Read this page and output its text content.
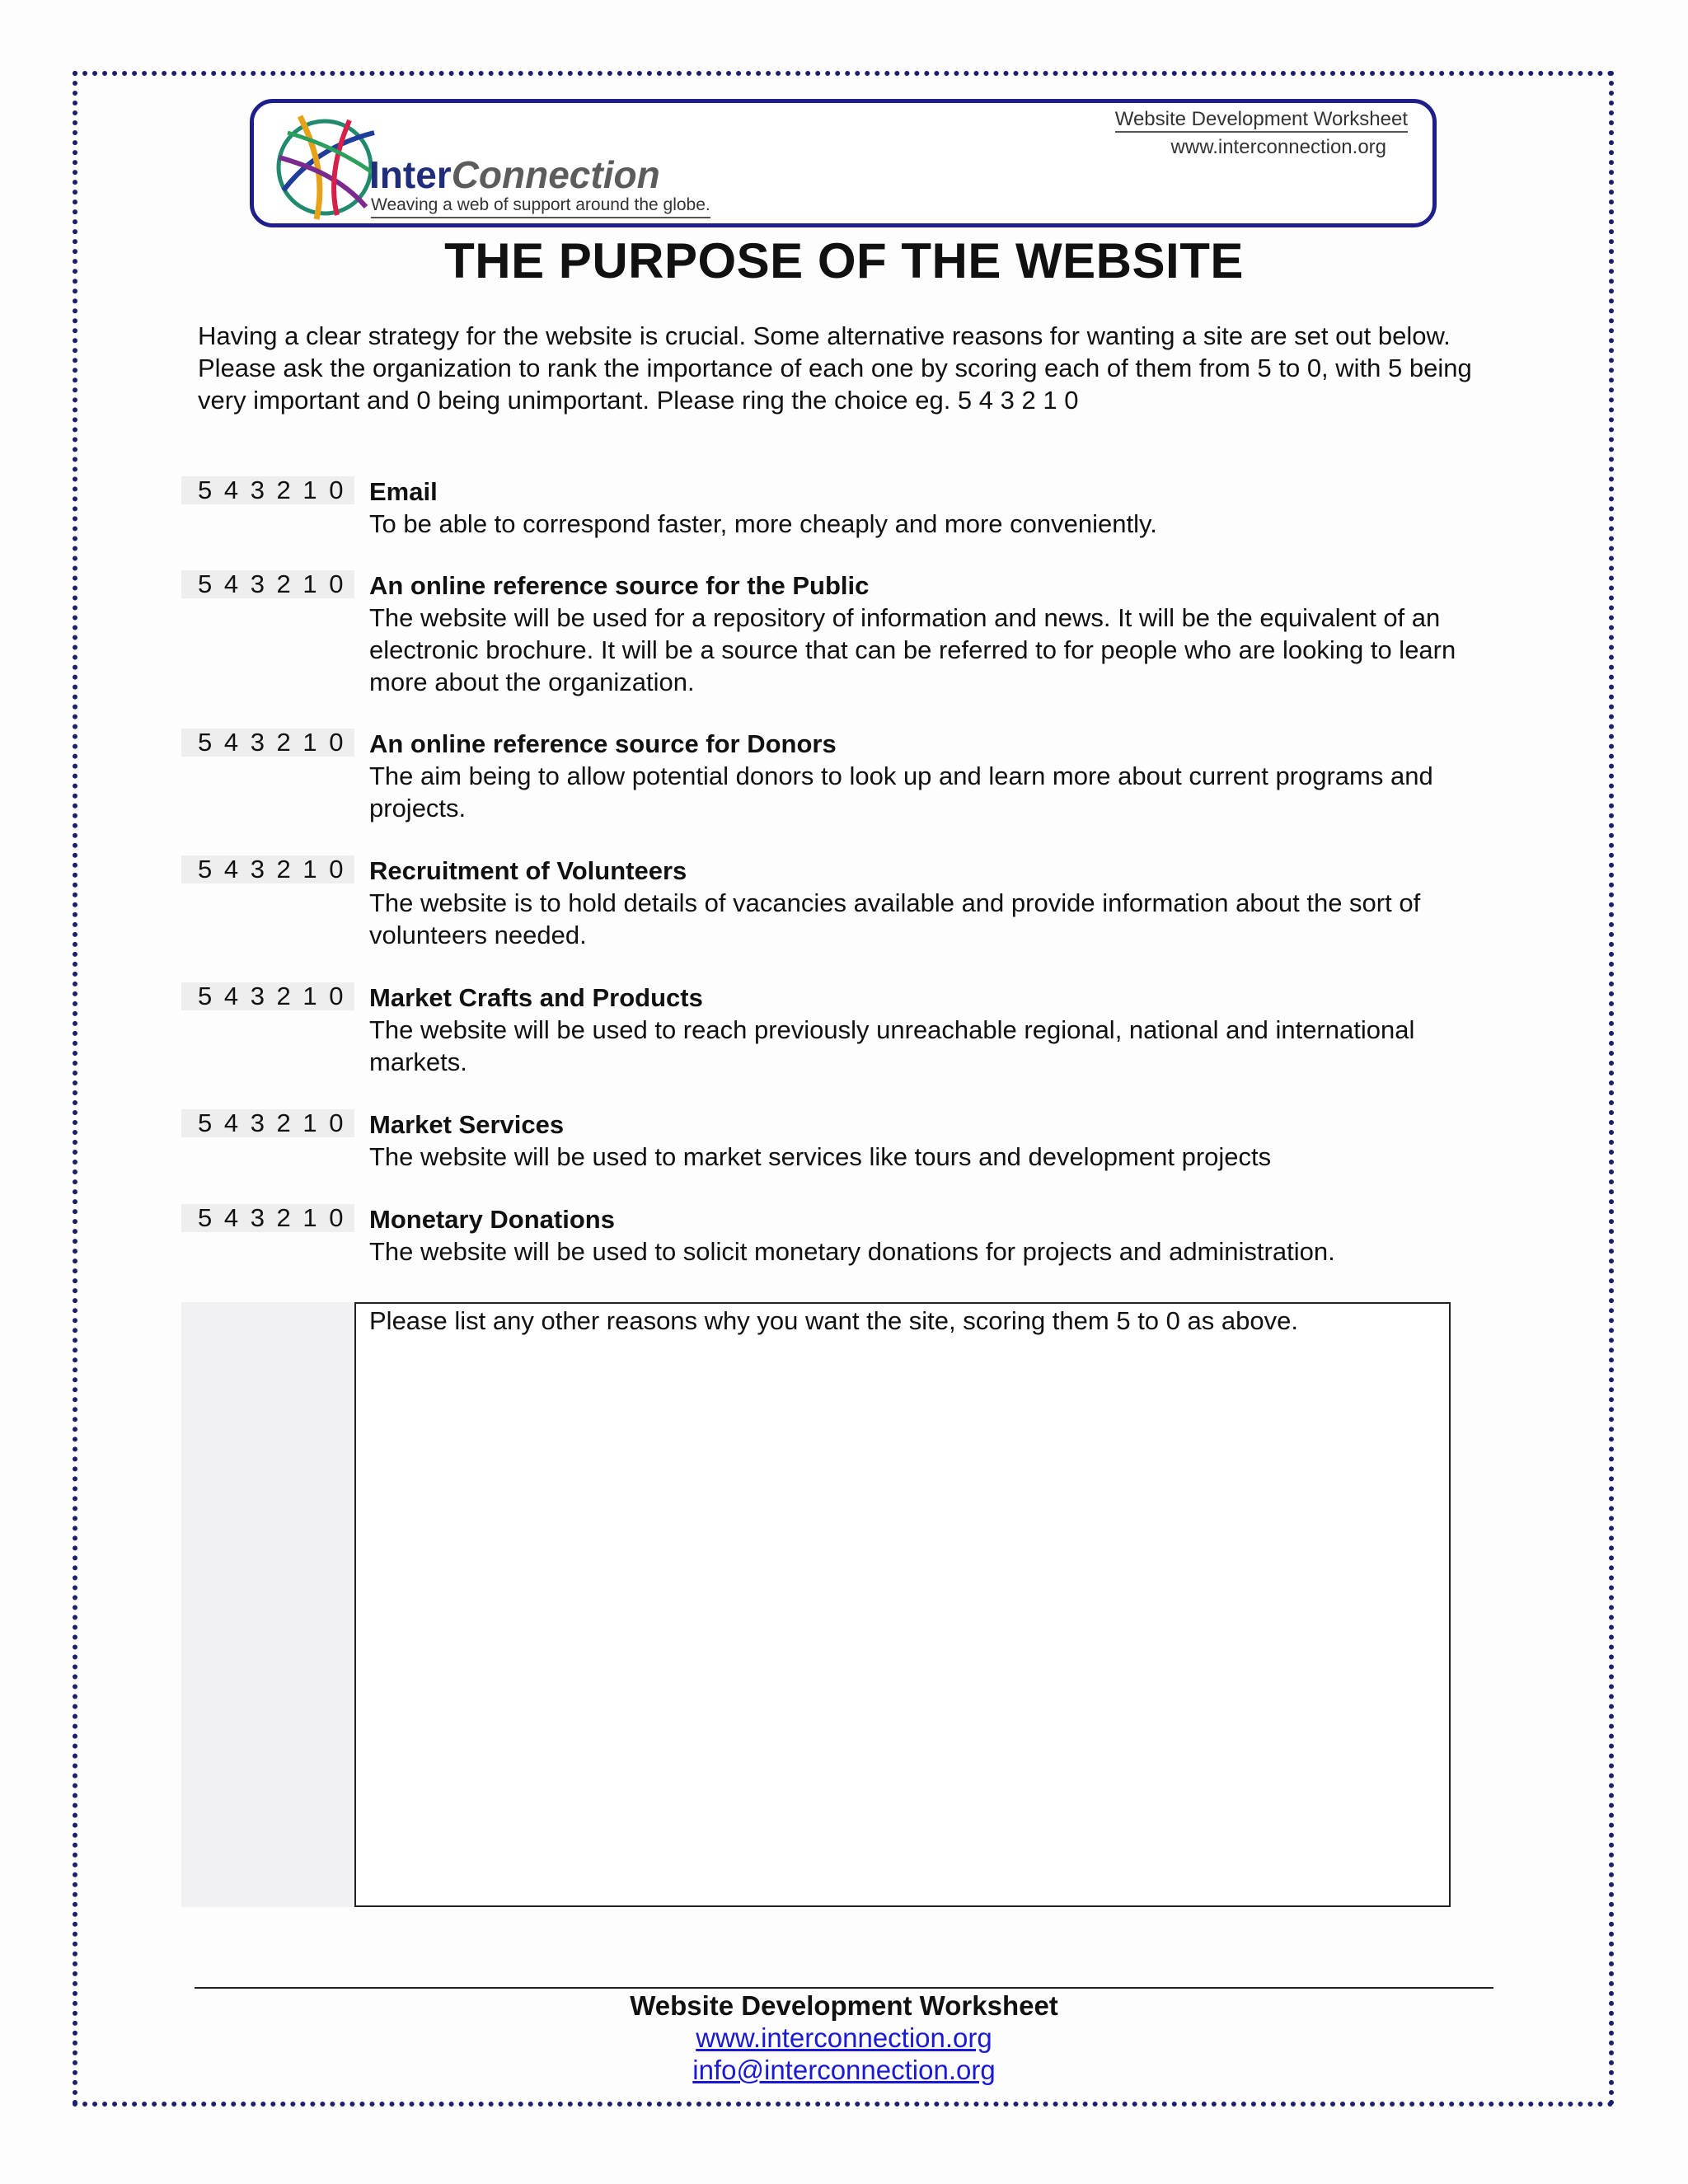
InterConnection
Weaving a web of support around the globe.
Website Development Worksheet
www.interconnection.org
THE PURPOSE OF THE WEBSITE

Having a clear strategy for the website is crucial. Some alternative reasons for wanting a site are set out below. Please ask the organization to rank the importance of each one by scoring each of them from 5 to 0, with 5 being very important and 0 being unimportant. Please ring the choice eg. 5 4 3 2 1 0

5 4 3 2 1 0 Email

To be able to correspond faster, more cheaply and more conveniently.

5 4 3 2 1 0 An online reference source for the Public

The website will be used for a repository of information and news. It will be the equivalent of an electronic brochure. It will be a source that can be referred to for people who are looking to learn more about the organization.

5 4 3 2 1 0 An online reference source for Donors

The aim being to allow potential donors to look up and learn more about current programs and projects.

5 4 3 2 1 0 Recruitment of Volunteers

The website is to hold details of vacancies available and provide information about the sort of volunteers needed.

5 4 3 2 1 0 Market Crafts and Products

The website will be used to reach previously unreachable regional, national and international markets.

5 4 3 2 1 0 Market Services

The website will be used to market services like tours and development projects

5 4 3 2 1 0 Monetary Donations

The website will be used to solicit monetary donations for projects and administration.

Please list any other reasons why you want the site, scoring them 5 to 0 as above.
Website Development Worksheet
www.interconnection.org
info@interconnection.org
